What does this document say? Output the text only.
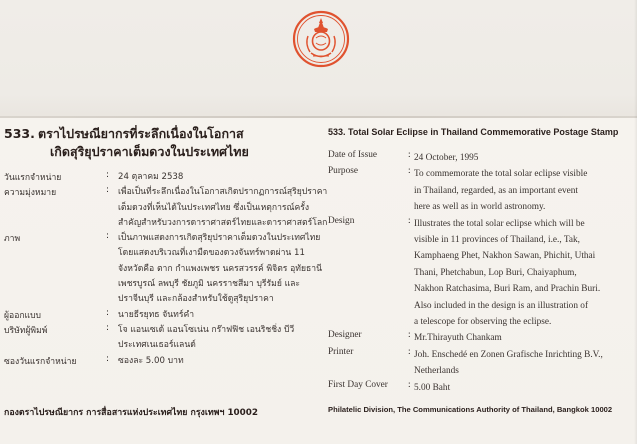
533. ตราไปรษณียากรที่ระลึกเนื่องในโอกาส
เกิดสุริยุปราคาเต็มดวงในประเทศไทย
วันแรกจำหน่าย	: 24 ตุลาคม 2538
ความมุ่งหมาย	: เพื่อเป็นที่ระลึกเนื่องในโอกาสเกิดปรากฏการณ์สุริยุปราคา
เต็มดวงที่เห็นได้ในประเทศไทย ซึ่งเป็นเหตุการณ์ครั้ง
สำคัญสำหรับวงการดาราศาสตร์ไทยและดาราศาสตร์โลก
ภาพ	: เป็นภาพแสดงการเกิดสุริยุปราคาเต็มดวงในประเทศไทย
โดยแสดงบริเวณที่เงามืดของดวงจันทร์พาดผ่าน 11
จังหวัดคือ ตาก กำแพงเพชร นครสวรรค์ พิจิตร อุทัยธานี
เพชรบูรณ์ ลพบุรี ชัยภูมิ นครราชสีมา บุรีรัมย์ และ
ปราจีนบุรี และกล้องสำหรับใช้ดูสุริยุปราคา
ผู้ออกแบบ	: นายธีรยุทธ จันทร์คำ
บริษัทผู้พิมพ์	: โจ แอนเซเด้ แอนโซเน่น กร๊าฟฟิช เอนริชชิ่ง บีวี
ประเทศเนเธอร์แลนด์
ซองวันแรกจำหน่าย	: ซองละ 5.00 บาท
กองตราไปรษณียากร การสื่อสารแห่งประเทศไทย กรุงเทพฯ 10002
533. Total Solar Eclipse in Thailand Commemorative Postage Stamp
Date of Issue	: 24 October, 1995
Purpose	: To commemorate the total solar eclipse visible
in Thailand, regarded, as an important event
here as well as in world astronomy.
Design	: Illustrates the total solar eclipse which will be
visible in 11 provinces of Thailand, i.e., Tak,
Kamphaeng Phet, Nakhon Sawan, Phichit, Uthai
Thani, Phetchabun, Lop Buri, Chaiyaphum,
Nakhon Ratchasima, Buri Ram, and Prachin Buri.
Also included in the design is an illustration of
a telescope for observing the eclipse.
Designer	: Mr.Thirayuth Chankam
Printer	: Joh. Enschedé en Zonen Grafische Inrichting B.V.,
Netherlands
First Day Cover	: 5.00 Baht
Philatelic Division, The Communications Authority of Thailand, Bangkok 10002
